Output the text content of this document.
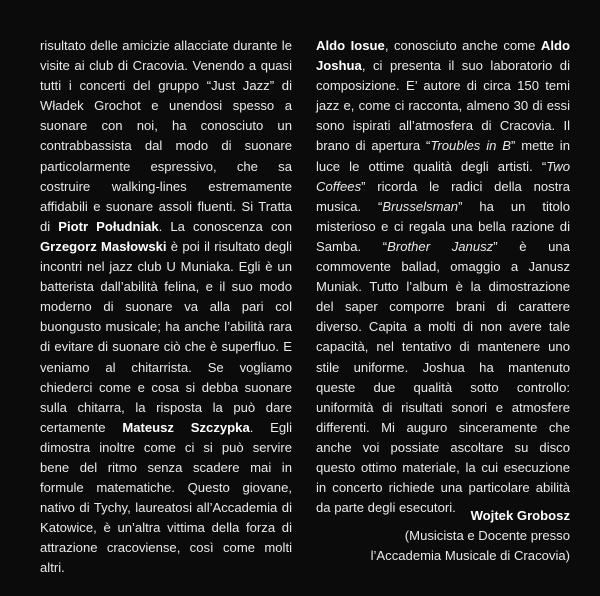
risultato delle amicizie allacciate durante le visite ai club di Cracovia. Venendo a quasi tutti i concerti del gruppo “Just Jazz” di Władek Grochot e unendosi spesso a suonare con noi, ha conosciuto un contrabbassista dal modo di suonare particolarmente espressivo, che sa costruire walking-lines estremamente affidabili e suonare assoli fluenti. Si Tratta di Piotr Południak. La conoscenza con Grzegorz Masłowski è poi il risultato degli incontri nel jazz club U Muniaka. Egli è un batterista dall’abilità felina, e il suo modo moderno di suonare va alla pari col buongusto musicale; ha anche l’abilità rara di evitare di suonare ciò che è superfluo. E veniamo al chitarrista. Se vogliamo chiederci come e cosa si debba suonare sulla chitarra, la risposta la può dare certamente Mateusz Szczypka. Egli dimostra inoltre come ci si può servire bene del ritmo senza scadere mai in formule matematiche. Questo giovane, nativo di Tychy, laureatosi all’Accademia di Katowice, è un’altra vittima della forza di attrazione cracoviense, così come molti altri.

Aldo Iosue, conosciuto anche come Aldo Joshua, ci presenta il suo laboratorio di composizione. E’ autore di circa 150 temi jazz e, come ci racconta, almeno 30 di essi sono ispirati all’atmosfera di Cracovia. Il brano di apertura “Troubles in B” mette in luce le ottime qualità degli artisti. “Two Coffees” ricorda le radici della nostra musica. “Brusselsman” ha un titolo misterioso e ci regala una bella razione di Samba. “Brother Janusz” è una commovente ballad, omaggio a Janusz Muniak. Tutto l’album è la dimostrazione del saper comporre brani di carattere diverso. Capita a molti di non avere tale capacità, nel tentativo di mantenere uno stile uniforme. Joshua ha mantenuto queste due qualità sotto controllo: uniformità di risultati sonori e atmosfere differenti. Mi auguro sinceramente che anche voi possiate ascoltare su disco questo ottimo materiale, la cui esecuzione in concerto richiede una particolare abilità da parte degli esecutori.

Wojtek Grobosz
(Musicista e Docente presso
l’Accademia Musicale di Cracovia)
